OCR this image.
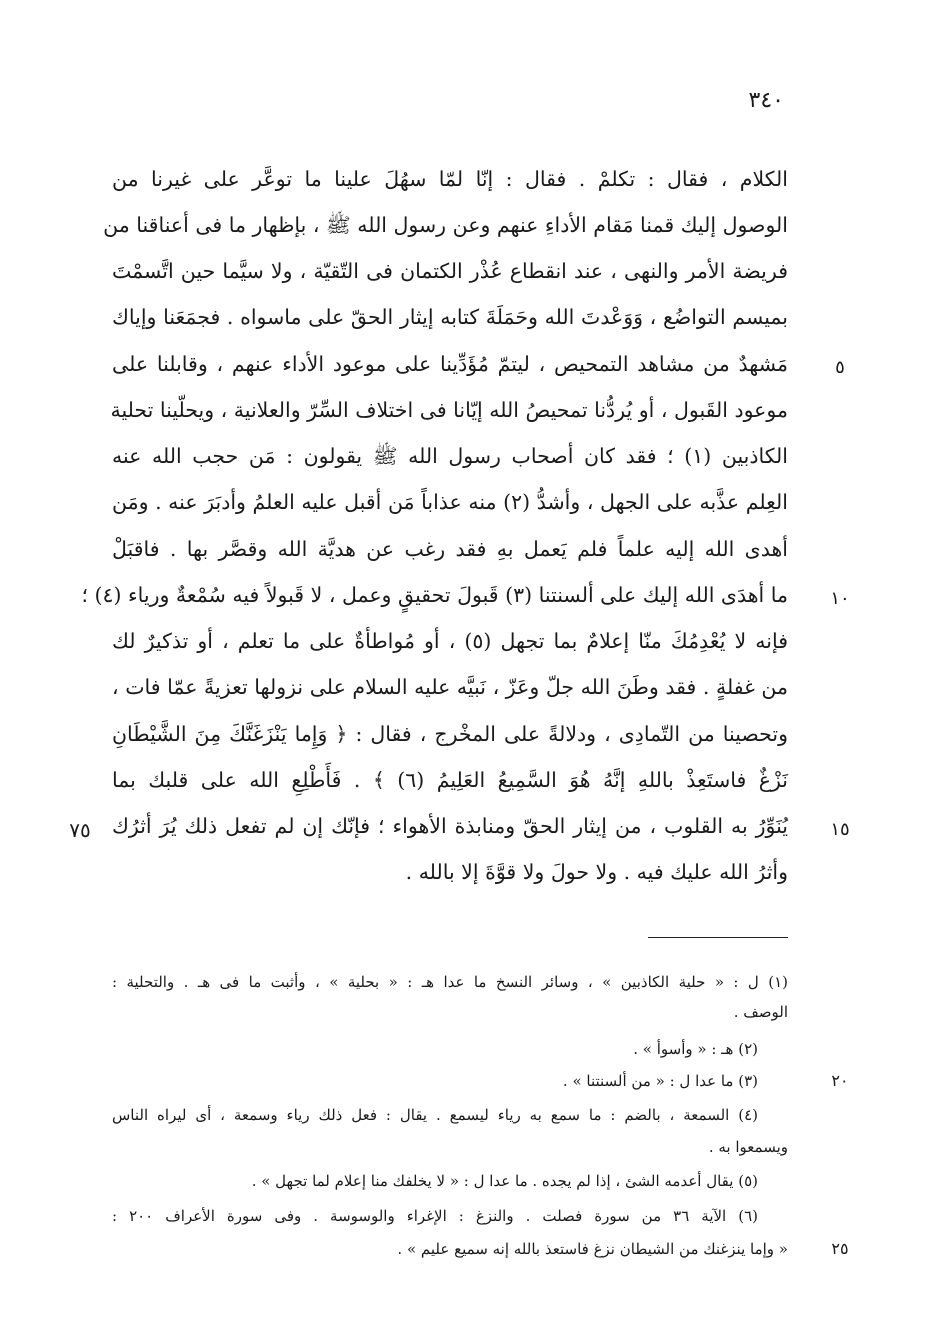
٣٤٠
الكلام ، فقال : تكلمْ . فقال : إنّا لمّا سهُلَ علينا ما توعَّر على غيرنا من
الوصول إليك قمنا مَقام الأداءِ عنهم وعن رسول الله ﷺ ، بإظهار ما فى أعناقنا من
فريضة الأمر والنهى ، عند انقطاع عُذْر الكتمان فى التّقيّة ، ولا سيَّما حين اتَّسمْتَ
بميسم التواضُع ، وَوَعْدتَ الله وحَمَلَةَ كتابه إيثار الحقّ على ماسواه . فجمَعَنا وإياك
مَشهدٌ من مشاهد التمحيص ، ليتمّ مُؤَدِّينا على موعود الأداء عنهم ، وقابلنا على
موعود القَبول ، أو يُردُّنا تمحيصُ الله إيّانا فى اختلاف السِّرّ والعلانية ، ويحلّينا تحلية
الكاذبين (١) ؛ فقد كان أصحاب رسول الله ﷺ يقولون : مَن حجب الله عنه
العِلم عذَّبه على الجهل ، وأشدُّ (٢) منه عذاباً مَن أقبل عليه العلمُ وأدبَرَ عنه . ومَن
أهدى الله إليه علماً فلم يَعمل بهِ فقد رغب عن هديَّة الله وقصَّر بها . فاقبَلْ
ما أهدَى الله إليك على ألسنتنا (٣) قَبولَ تحقيقٍ وعمل ، لا قَبولاً فيه سُمْعةٌ ورياء (٤) ؛
فإنه لا يُعْدِمُكَ منّا إعلامٌ بما تجهل (٥) ، أو مُواطأةٌ على ما تعلم ، أو تذكيرٌ لك
من غفلةٍ . فقد وطَنَ الله جلّ وعَزّ ، نَبيَّه عليه السلام على نزولها تعزيةً عمّا فات ،
وتحصينا من التّمادِى ، ودلالةً على المخْرج ، فقال : ﴿ وَإِما يَنْزَغَنَّكَ مِنَ الشَّيْطَانِ
نَزْغٌ فاستَعِذْ باللهِ إنَّهُ هُوَ السَّمِيعُ العَلِيمُ (٦) ﴾ . فَأَطْلِعِ الله على قلبك بما
يُنَوِّرُ به القلوب ، من إيثار الحقّ ومنابذة الأهواء ؛ فإنّك إن لم تفعل ذلك يُرَ أثرُك
وأثرُ الله عليك فيه . ولا حولَ ولا قوَّةَ إلا بالله .
٥
١٠
١٥
٧٥
(١) ل : « حلية الكاذبين » ، وسائر النسخ ما عدا هـ : « بحلية » ، وأثبت ما فى هـ . والتحلية :
الوصف .
(٢) هـ : « وأسوأ » .
(٣) ما عدا ل : « من ألسنتنا » .
(٤) السمعة ، بالضم : ما سمع به رياء ليسمع . يقال : فعل ذلك رياء وسمعة ، أى ليراه الناس
ويسمعوا به .
(٥) يقال أعدمه الشئ ، إذا لم يجده . ما عدا ل : « لا يخلفك منا إعلام لما تجهل » .
(٦) الآية ٣٦ من سورة فصلت . والنزغ : الإغراء والوسوسة . وفى سورة الأعراف ٢٠٠ :
« وإما ينزغنك من الشيطان نزغ فاستعذ بالله إنه سميع عليم » .
٢٠
٢٥
